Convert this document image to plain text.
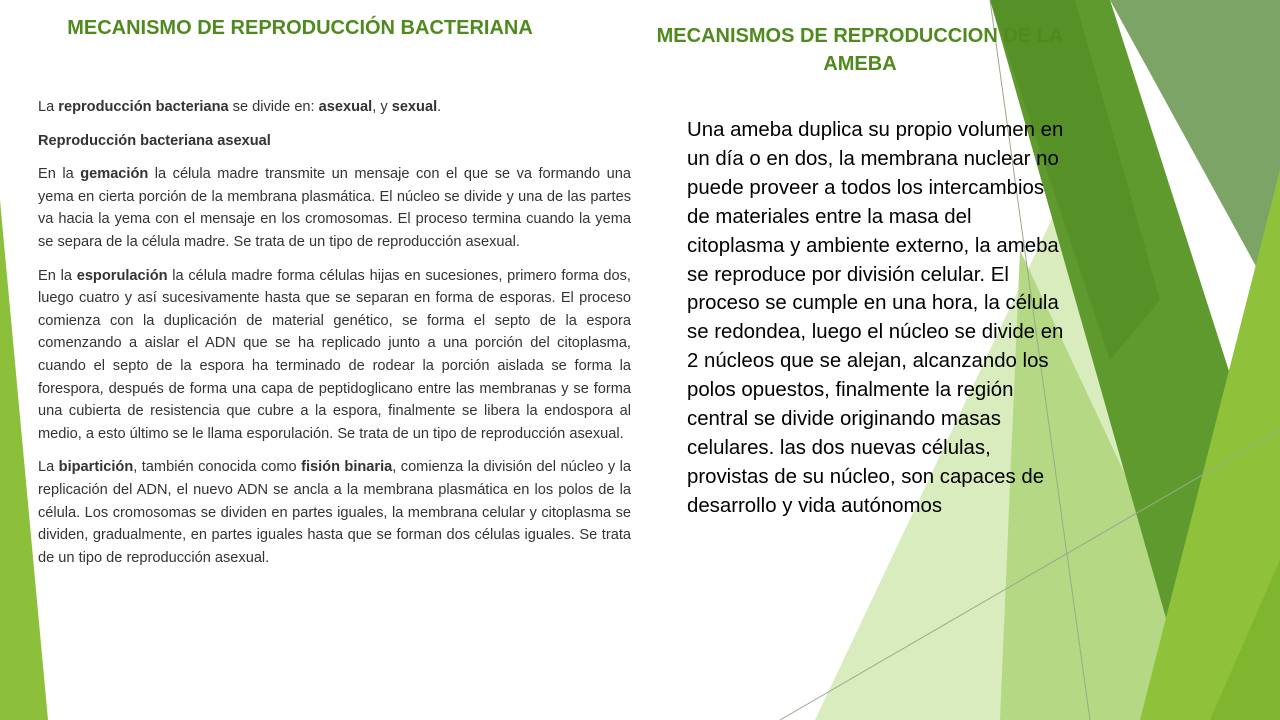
MECANISMO DE REPRODUCCIÓN BACTERIANA	MECANISMOS DE REPRODUCCION DE LA AMEBA

La reproducción bacteriana se divide en: asexual, y sexual.

Reproducción bacteriana asexual

En la gemación la célula madre transmite un mensaje con el que se va formando una yema en cierta porción de la membrana plasmática. El núcleo se divide y una de las partes va hacia la yema con el mensaje en los cromosomas. El proceso termina cuando la yema se separa de la célula madre. Se trata de un tipo de reproducción asexual.

En la esporulación la célula madre forma células hijas en sucesiones, primero forma dos, luego cuatro y así sucesivamente hasta que se separan en forma de esporas. El proceso comienza con la duplicación de material genético, se forma el septo de la espora comenzando a aislar el ADN que se ha replicado junto a una porción del citoplasma, cuando el septo de la espora ha terminado de rodear la porción aislada se forma la forespora, después de forma una capa de peptidoglicano entre las membranas y se forma una cubierta de resistencia que cubre a la espora, finalmente se libera la endospora al medio, a esto último se le llama esporulación. Se trata de un tipo de reproducción asexual.

La bipartición, también conocida como fisión binaria, comienza la división del núcleo y la replicación del ADN, el nuevo ADN se ancla a la membrana plasmática en los polos de la célula. Los cromosomas se dividen en partes iguales, la membrana celular y citoplasma se dividen, gradualmente, en partes iguales hasta que se forman dos células iguales. Se trata de un tipo de reproducción asexual.

Una ameba duplica su propio volumen en un día o en dos, la membrana nuclear no puede proveer a todos los intercambios de materiales entre la masa del citoplasma y ambiente externo, la ameba se reproduce por división celular. El proceso se cumple en una hora, la célula se redondea, luego el núcleo se divide en 2 núcleos que se alejan, alcanzando los polos opuestos, finalmente la región central se divide originando masas celulares. las dos nuevas células, provistas de su núcleo, son capaces de desarrollo y vida autónomos
